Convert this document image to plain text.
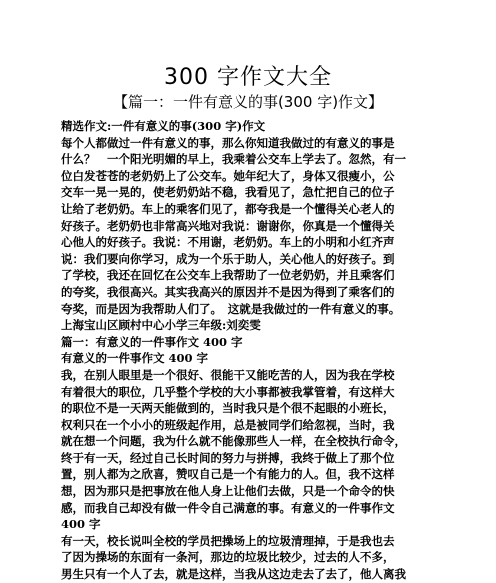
300 字作文大全
【篇一：一件有意义的事(300 字)作文】
精选作文:一件有意义的事(300 字)作文
每个人都做过一件有意义的事，那么你知道我做过的有意义的事是
什么？　一个阳光明媚的早上，我乘着公交车上学去了。忽然，有一
位白发苍苍的老奶奶上了公交车。她年纪大了，身体又很瘦小，公
交车一晃一晃的，使老奶奶站不稳，我看见了，急忙把自己的位子
让给了老奶奶。车上的乘客们见了，都夸我是一个懂得关心老人的
好孩子。老奶奶也非常高兴地对我说：谢谢你，你真是一个懂得关
心他人的好孩子。我说：不用谢，老奶奶。车上的小明和小红齐声
说：我们要向你学习，成为一个乐于助人，关心他人的好孩子。到
了学校，我还在回忆在公交车上我帮助了一位老奶奶，并且乘客们
的夸奖，我很高兴。其实我高兴的原因并不是因为得到了乘客们的
夸奖，而是因为我帮助人们了。　这就是我做过的一件有意义的事。
上海宝山区顾村中心小学三年级:刘奕雯
篇一：有意义的一件事作文 400 字
有意义的一件事作文 400 字
我，在别人眼里是一个很好、很能干又能吃苦的人，因为我在学校
有着很大的职位，几乎整个学校的大小事都被我掌管着，有这样大
的职位不是一天两天能做到的，当时我只是个很不起眼的小班长，
权利只在一个小小的班级起作用，总是被同学们给忽视，当时，我
就在想一个问题，我为什么就不能像那些人一样，在全校执行命令，
终于有一天，经过自己长时间的努力与拼搏，我终于做上了那个位
置，别人都为之欣喜，赞叹自己是一个有能力的人。但，我不这样
想，因为那只是把事放在他人身上让他们去做，只是一个命令的快
感，而我自己却没有做一件令自己满意的事。有意义的一件事作文
400 字
有一天，校长说叫全校的学员把操场上的垃圾清理掉，于是我也去
了因为操场的东面有一条河，那边的垃圾比较少，过去的人不多，
男生只有一个人了去，就是这样，当我从这边走去了去了，他人离我
